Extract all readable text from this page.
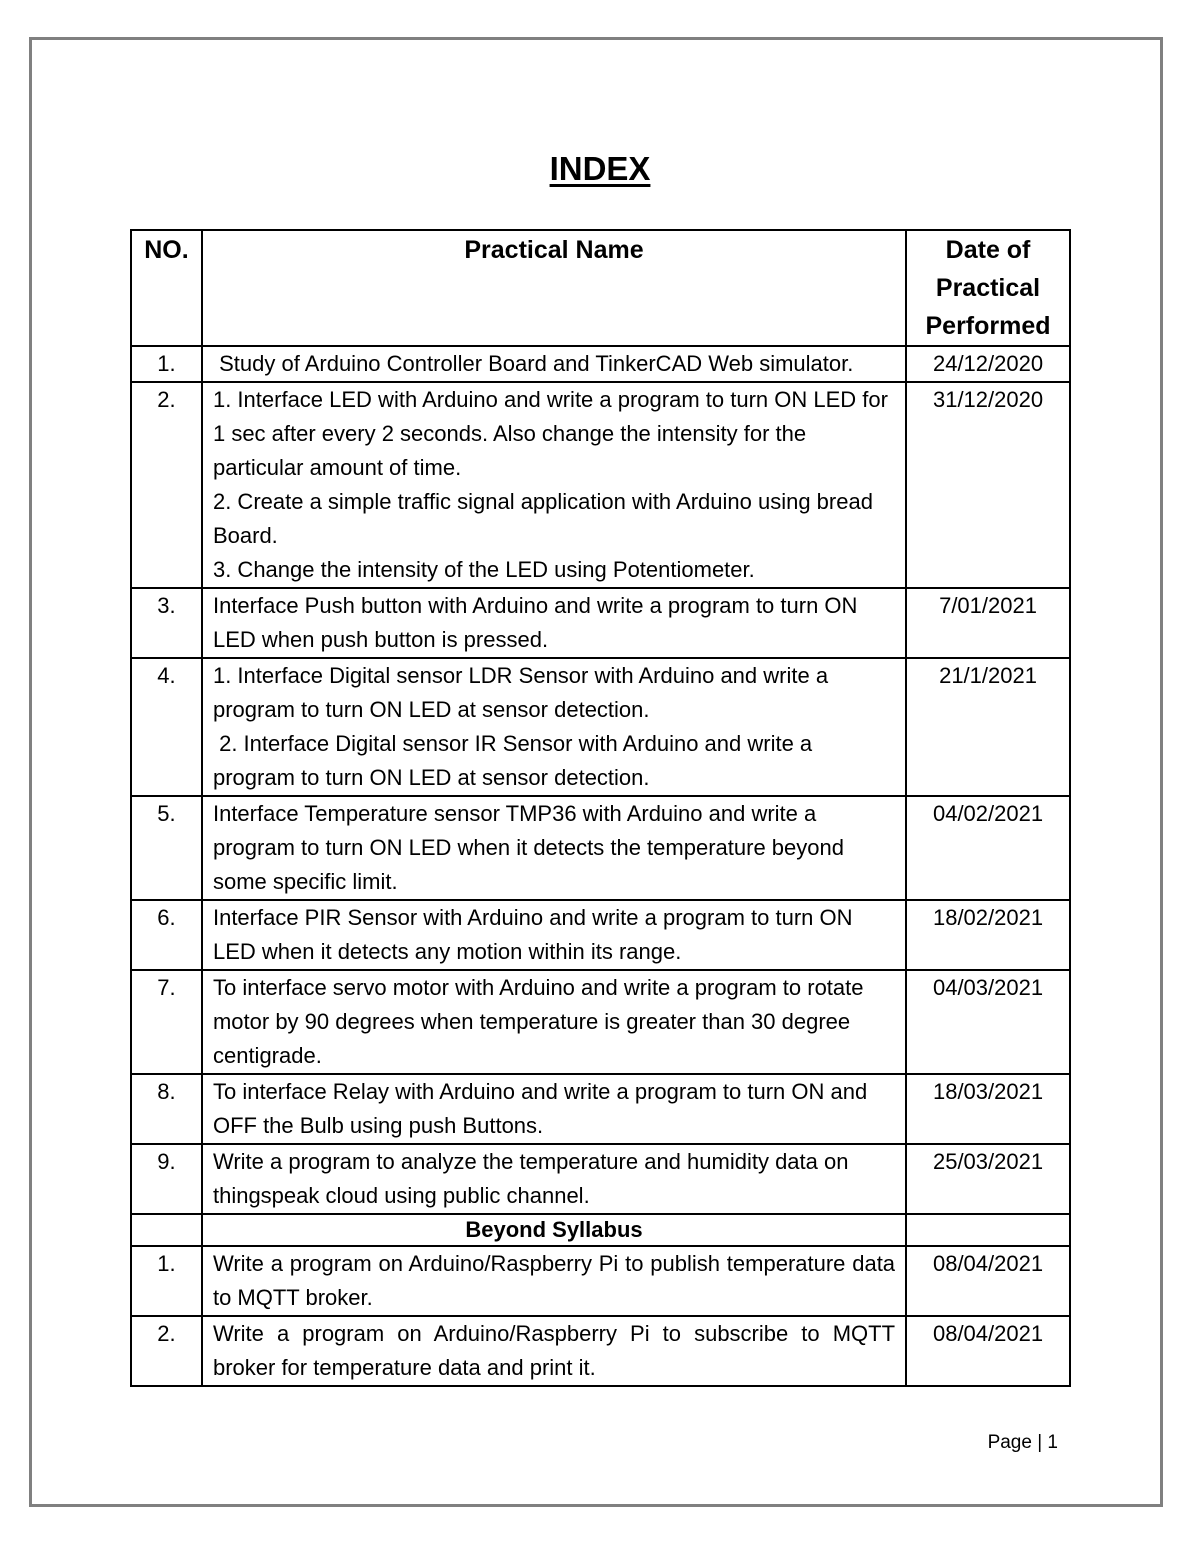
INDEX
NO.	Practical Name	Date of
Practical
Performed

1.	Study of Arduino Controller Board and TinkerCAD Web simulator.	24/12/2020
2.	1. Interface LED with Arduino and write a program to turn ON LED for 1 sec after every 2 seconds. Also change the intensity for the particular amount of time.
2. Create a simple traffic signal application with Arduino using bread Board.
3. Change the intensity of the LED using Potentiometer.	31/12/2020
3.	Interface Push button with Arduino and write a program to turn ON LED when push button is pressed.	7/01/2021
4.	1. Interface Digital sensor LDR Sensor with Arduino and write a program to turn ON LED at sensor detection.
2. Interface Digital sensor IR Sensor with Arduino and write a program to turn ON LED at sensor detection.	21/1/2021
5.	Interface Temperature sensor TMP36 with Arduino and write a program to turn ON LED when it detects the temperature beyond some specific limit.	04/02/2021
6.	Interface PIR Sensor with Arduino and write a program to turn ON LED when it detects any motion within its range.	18/02/2021
7.	To interface servo motor with Arduino and write a program to rotate motor by 90 degrees when temperature is greater than 30 degree centigrade.	04/03/2021
8.	To interface Relay with Arduino and write a program to turn ON and OFF the Bulb using push Buttons.	18/03/2021
9.	Write a program to analyze the temperature and humidity data on thingspeak cloud using public channel.	25/03/2021
	Beyond Syllabus	
1.	Write a program on Arduino/Raspberry Pi to publish temperature data to MQTT broker.	08/04/2021
2.	Write a program on Arduino/Raspberry Pi to subscribe to MQTT broker for temperature data and print it.	08/04/2021
Page | 1
